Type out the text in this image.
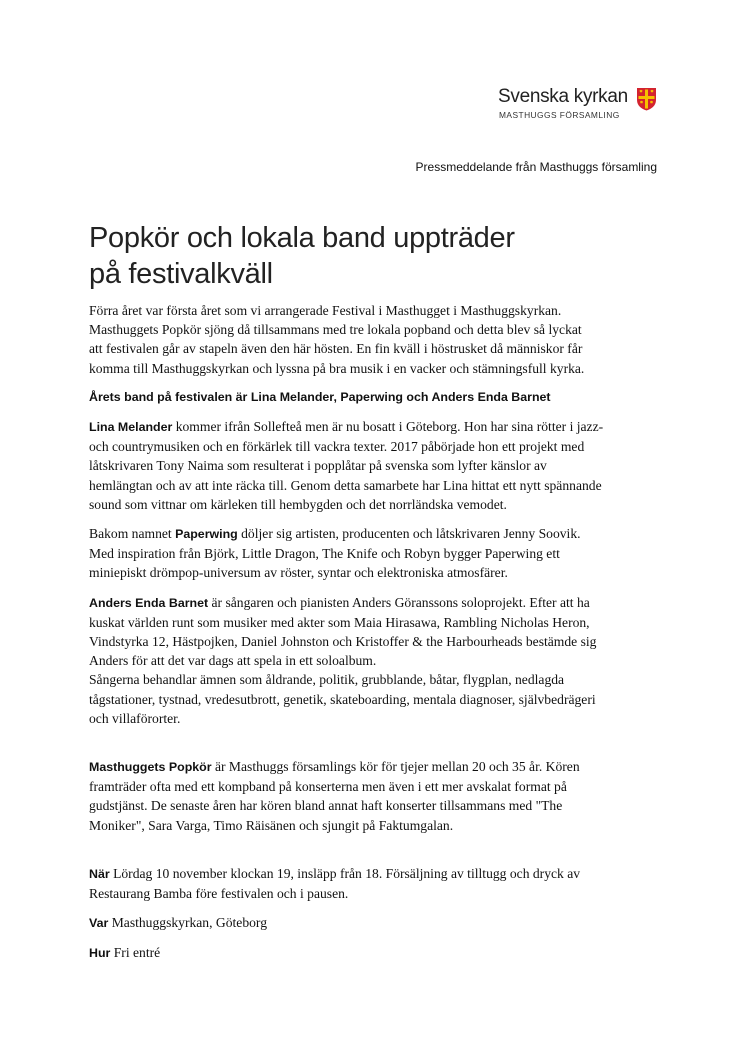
Svenska kyrkan
MASTHUGGS FÖRSAMLING
Pressmeddelande från Masthuggs församling
Popkör och lokala band uppträder
på festivalkväll

Förra året var första året som vi arrangerade Festival i Masthugget i Masthuggskyrkan.
Masthuggets Popkör sjöng då tillsammans med tre lokala popband och detta blev så lyckat
att festivalen går av stapeln även den här hösten. En fin kväll i höstrusket då människor får
komma till Masthuggskyrkan och lyssna på bra musik i en vacker och stämningsfull kyrka.

Årets band på festivalen är Lina Melander, Paperwing och Anders Enda Barnet

Lina Melander kommer ifrån Sollefteå men är nu bosatt i Göteborg. Hon har sina rötter i jazz-
och countrymusiken och en förkärlek till vackra texter. 2017 påbörjade hon ett projekt med
låtskrivaren Tony Naima som resulterat i popplåtar på svenska som lyfter känslor av
hemlängtan och av att inte räcka till. Genom detta samarbete har Lina hittat ett nytt spännande
sound som vittnar om kärleken till hembygden och det norrländska vemodet.

Bakom namnet Paperwing döljer sig artisten, producenten och låtskrivaren Jenny Soovik.
Med inspiration från Björk, Little Dragon, The Knife och Robyn bygger Paperwing ett
miniepiskt drömpop-universum av röster, syntar och elektroniska atmosfärer.

Anders Enda Barnet är sångaren och pianisten Anders Göranssons soloprojekt. Efter att ha
kuskat världen runt som musiker med akter som Maia Hirasawa, Rambling Nicholas Heron,
Vindstyrka 12, Hästpojken, Daniel Johnston och Kristoffer & the Harbourheads bestämde sig
Anders för att det var dags att spela in ett soloalbum.
Sångerna behandlar ämnen som åldrande, politik, grubblande, båtar, flygplan, nedlagda
tågstationer, tystnad, vredesutbrott, genetik, skateboarding, mentala diagnoser, självbedrägeri
och villaförorter.

Masthuggets Popkör är Masthuggs församlings kör för tjejer mellan 20 och 35 år. Kören
framträder ofta med ett kompband på konserterna men även i ett mer avskalat format på
gudstjänst. De senaste åren har kören bland annat haft konserter tillsammans med "The
Moniker", Sara Varga, Timo Räisänen och sjungit på Faktumgalan.

När Lördag 10 november klockan 19, insläpp från 18. Försäljning av tilltugg och dryck av
Restaurang Bamba före festivalen och i pausen.

Var Masthuggskyrkan, Göteborg

Hur Fri entré
